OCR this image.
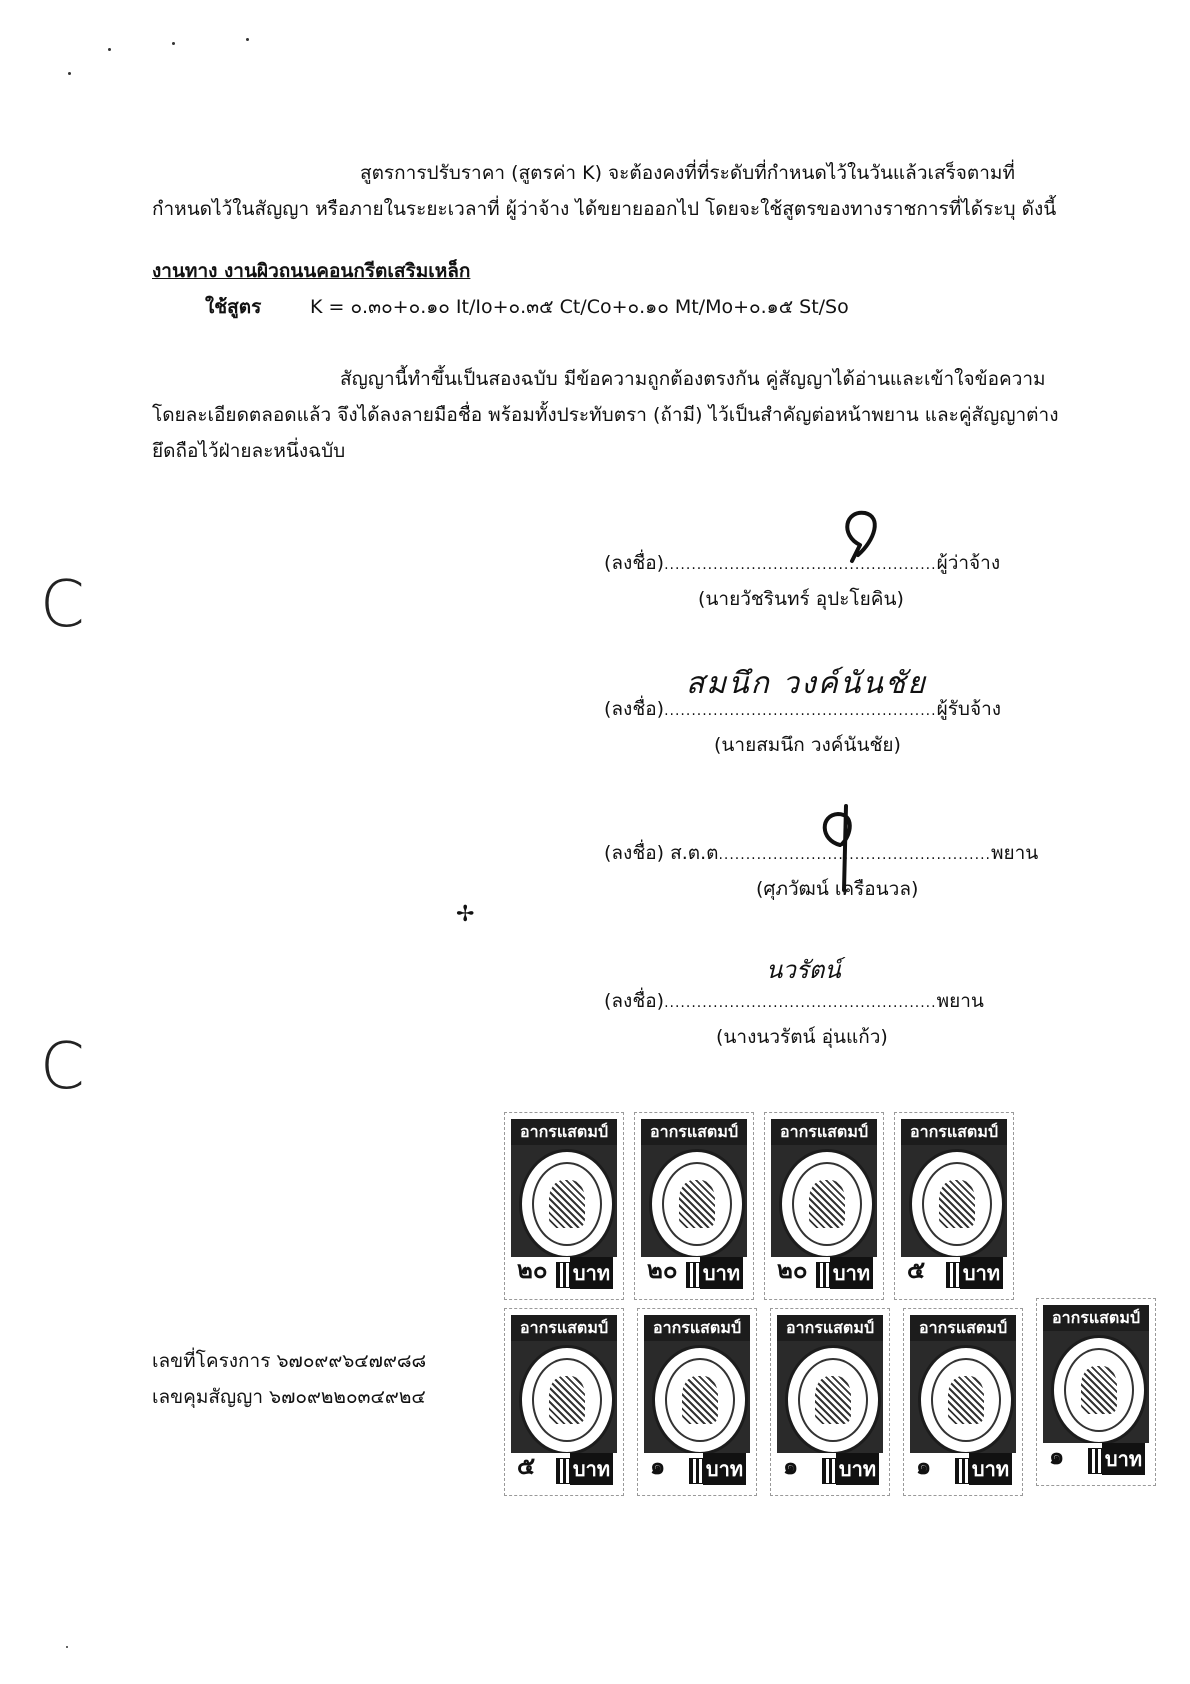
C
C
สูตรการปรับราคา (สูตรค่า K) จะต้องคงที่ที่ระดับที่กำหนดไว้ในวันแล้วเสร็จตามที่
กำหนดไว้ในสัญญา หรือภายในระยะเวลาที่ ผู้ว่าจ้าง ได้ขยายออกไป โดยจะใช้สูตรของทางราชการที่ได้ระบุ ดังนี้
งานทาง งานผิวถนนคอนกรีตเสริมเหล็ก
ใช้สูตร	K = ๐.๓๐+๐.๑๐ It/Io+๐.๓๕ Ct/Co+๐.๑๐ Mt/Mo+๐.๑๕ St/So
สัญญานี้ทำขึ้นเป็นสองฉบับ มีข้อความถูกต้องตรงกัน คู่สัญญาได้อ่านและเข้าใจข้อความ
โดยละเอียดตลอดแล้ว จึงได้ลงลายมือชื่อ พร้อมทั้งประทับตรา (ถ้ามี) ไว้เป็นสำคัญต่อหน้าพยาน และคู่สัญญาต่าง
ยึดถือไว้ฝ่ายละหนึ่งฉบับ
(ลงชื่อ)..................................................ผู้ว่าจ้าง
(นายวัชรินทร์ อุปะโยคิน)
(ลงชื่อ)..................................................ผู้รับจ้าง
สมนึก วงค์นันชัย
(นายสมนึก วงค์นันชัย)
(ลงชื่อ) ส.ต.ต..................................................พยาน
(ศุภวัฒน์ เครือนวล)
✢
(ลงชื่อ)..................................................พยาน
นวรัตน์
(นางนวรัตน์ อุ่นแก้ว)
เลขที่โครงการ ๖๗๐๙๙๖๔๗๙๘๘
เลขคุมสัญญา ๖๗๐๙๒๒๐๓๔๙๒๔
อากรแสตมป์
๒๐ บาท
อากรแสตมป์
๒๐ บาท
อากรแสตมป์
๒๐ บาท
อากรแสตมป์
๕ บาท
อากรแสตมป์
๕ บาท
อากรแสตมป์
๑ บาท
อากรแสตมป์
๑ บาท
อากรแสตมป์
๑ บาท
อากรแสตมป์
๑ บาท
